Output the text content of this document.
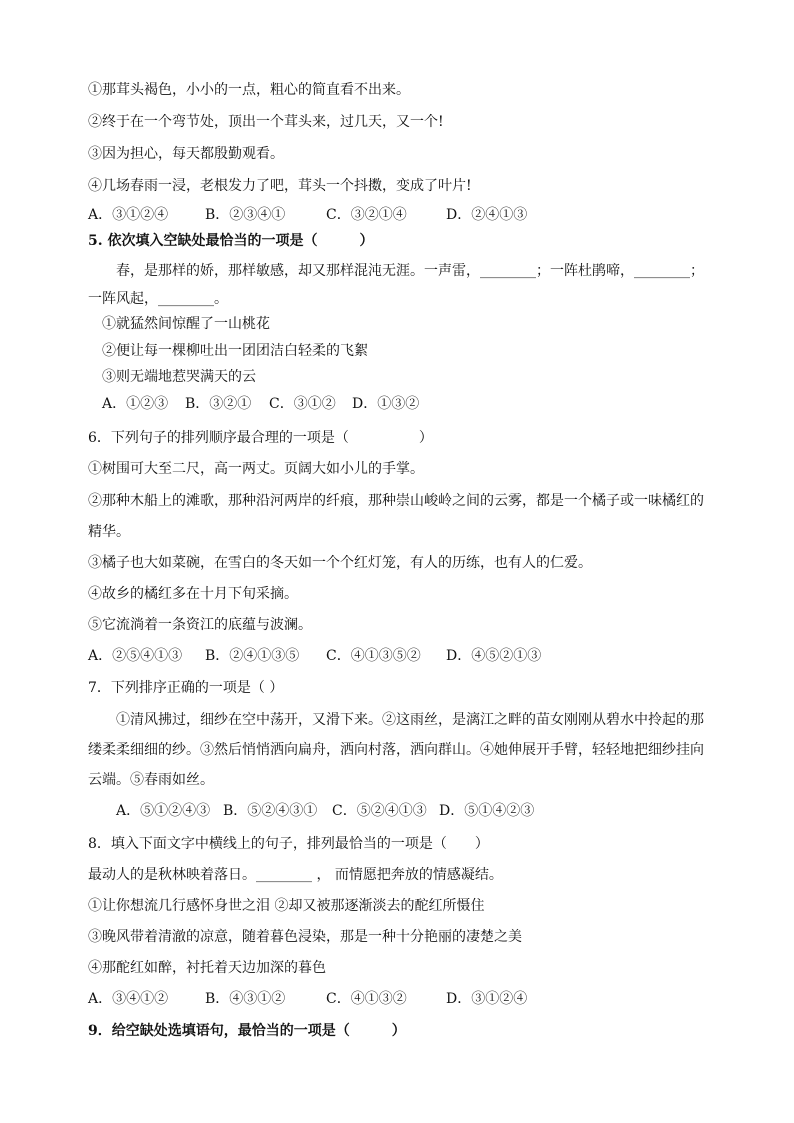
①那茸头褐色，小小的一点，粗心的简直看不出来。
②终于在一个弯节处，顶出一个茸头来，过几天，又一个!
③因为担心，每天都殷勤观看。
④几场春雨一浸，老根发力了吧，茸头一个抖擞，变成了叶片!
A．③①②④	B．②③④①	C．③②①④	D．②④①③
5. 依次填入空缺处最恰当的一项是（　　　）
春，是那样的娇，那样敏感，却又那样混沌无涯。一声雷，________；一阵杜鹃啼，________；
一阵风起，________。
①就猛然间惊醒了一山桃花
②便让每一棵柳吐出一团团洁白轻柔的飞絮
③则无端地惹哭满天的云
A．①②③ B．③②① C．③①② D．①③②
6．下列句子的排列顺序最合理的一项是（　　　　　）
①树围可大至二尺，高一两丈。页阔大如小儿的手掌。
②那种木船上的滩歌，那种沿河两岸的纤痕，那种崇山峻岭之间的云雾，都是一个橘子或一味橘红的
精华。
③橘子也大如菜碗，在雪白的冬天如一个个红灯笼，有人的历练，也有人的仁爱。
④故乡的橘红多在十月下旬采摘。
⑤它流淌着一条资江的底蕴与波澜。
A．②⑤④①③ B．②④①③⑤ C．④①③⑤② D．④⑤②①③
7．下列排序正确的一项是（ ）
①清风拂过，细纱在空中荡开，又滑下来。②这雨丝，是漓江之畔的苗女刚刚从碧水中拎起的那
缕柔柔细细的纱。③然后悄悄洒向扁舟，洒向村落，洒向群山。④她伸展开手臂，轻轻地把细纱挂向
云端。⑤春雨如丝。
A．⑤①②④③ B．⑤②④③① C．⑤②④①③ D．⑤①④②③
8．填入下面文字中横线上的句子，排列最恰当的一项是（　　）
最动人的是秋林映着落日。________ ， 而情愿把奔放的情感凝结。
①让你想流几行感怀身世之泪 ②却又被那逐渐淡去的酡红所慑住
③晚风带着清澈的凉意，随着暮色浸染，那是一种十分艳丽的凄楚之美
④那酡红如醉，衬托着天边加深的暮色
A．③④①②	B．④③①②	C．④①③②	D．③①②④
9．给空缺处选填语句，最恰当的一项是（　　　）
